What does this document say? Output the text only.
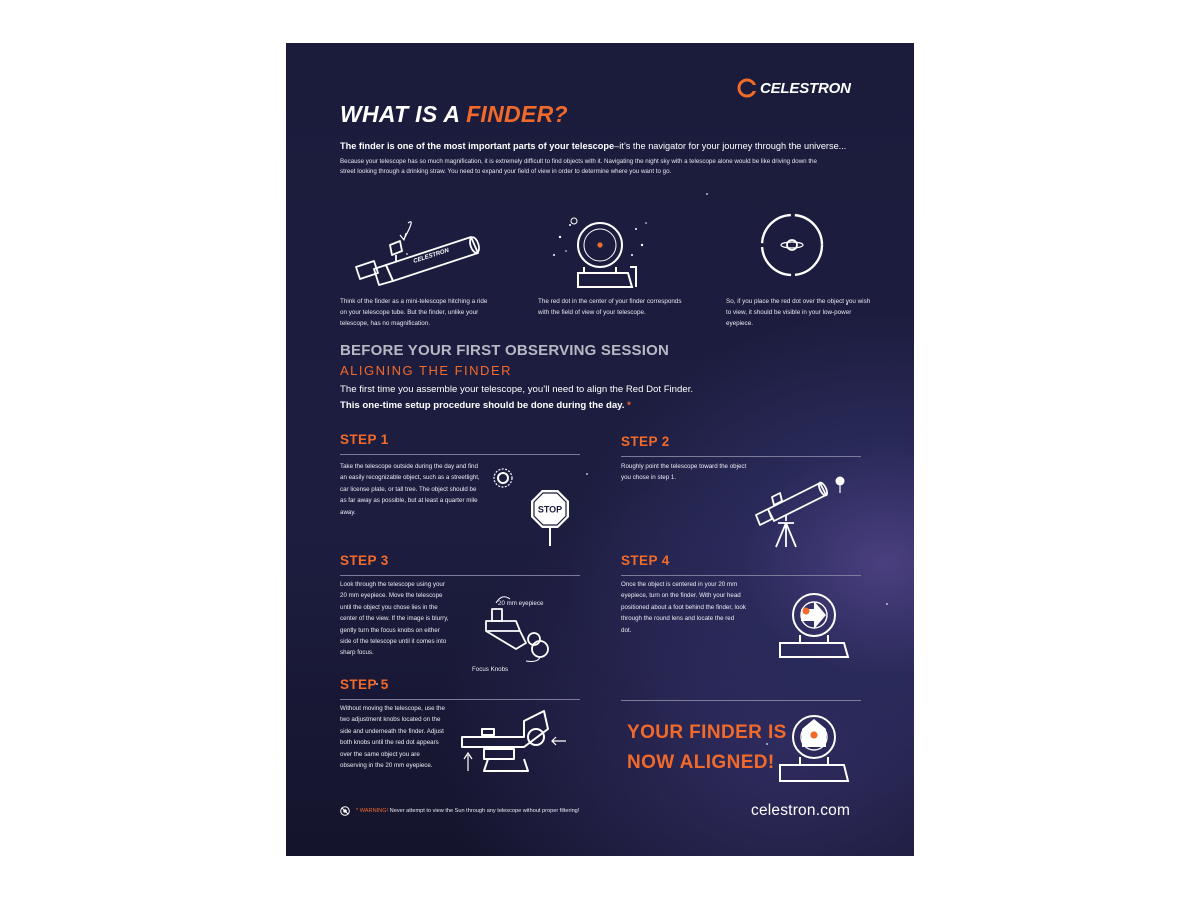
CELESTRON
WHAT IS A FINDER?
The finder is one of the most important parts of your telescope–it’s the navigator for your journey through the universe...
Because your telescope has so much magnification, it is extremely difficult to find objects with it. Navigating the night sky with a telescope alone would be like driving down the street looking through a drinking straw. You need to expand your field of view in order to determine where you want to go.
CELESTRON
Think of the finder as a mini-telescope hitching a ride on your telescope tube. But the finder, unlike your telescope, has no magnification.
The red dot in the center of your finder corresponds with the field of view of your telescope.
So, if you place the red dot over the object you wish to view, it should be visible in your low-power eyepiece.
BEFORE YOUR FIRST OBSERVING SESSION
ALIGNING THE FINDER
The first time you assemble your telescope, you’ll need to align the Red Dot Finder.
This one-time setup procedure should be done during the day. *
STEP 1
Take the telescope outside during the day and find an easily recognizable object, such as a streetlight, car license plate, or tall tree. The object should be as far away as possible, but at least a quarter mile away.	STOP
STEP 2
Roughly point the telescope toward the object you chose in step 1.
STEP 3
Look through the telescope using your 20 mm eyepiece. Move the telescope until the object you chose lies in the center of the view. If the image is blurry, gently turn the focus knobs on either side of the telescope until it comes into sharp focus.
20 mm eyepiece
Focus Knobs
STEP 4
Once the object is centered in your 20 mm eyepiece, turn on the finder. With your head positioned about a foot behind the finder, look through the round lens and locate the red dot.
STEP 5
Without moving the telescope, use the two adjustment knobs located on the side and underneath the finder. Adjust both knobs until the red dot appears over the same object you are observing in the 20 mm eyepiece.
YOUR FINDER IS
NOW ALIGNED!
* WARNING! Never attempt to view the Sun through any telescope without proper filtering!	celestron.com
